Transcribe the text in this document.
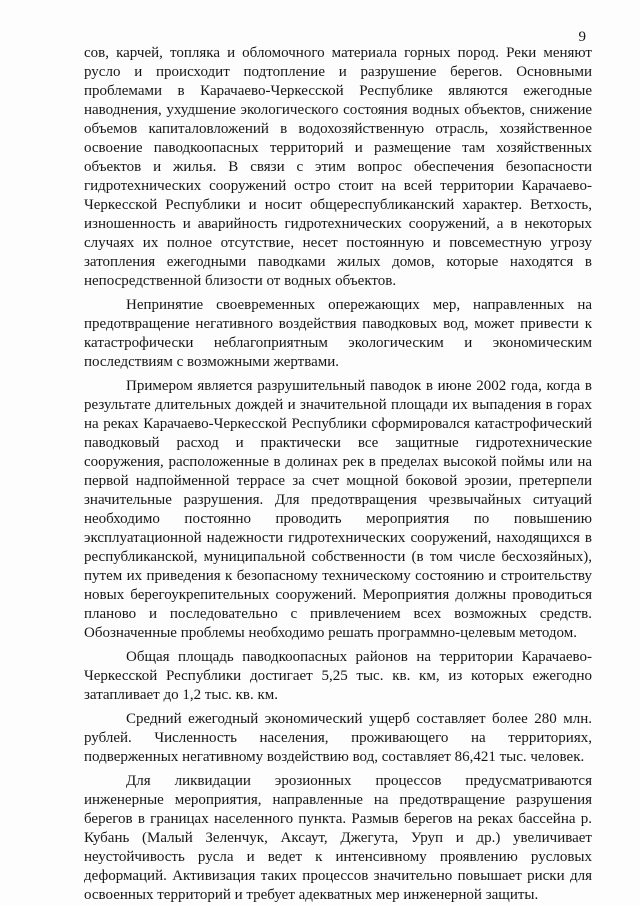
9

сов, карчей, топляка и обломочного материала горных пород. Реки меняют русло и происходит подтопление и разрушение берегов. Основными проблемами в Карачаево-Черкесской Республике являются ежегодные наводнения, ухудшение экологического состояния водных объектов, снижение объемов капиталовложений в водохозяйственную отрасль, хозяйственное освоение паводкоопасных территорий и размещение там хозяйственных объектов и жилья. В связи с этим вопрос обеспечения безопасности гидротехнических сооружений остро стоит на всей территории Карачаево-Черкесской Республики и носит общереспубликанский характер. Ветхость, изношенность и аварийность гидротехнических сооружений, а в некоторых случаях их полное отсутствие, несет постоянную и повсеместную угрозу затопления ежегодными паводками жилых домов, которые находятся в непосредственной близости от водных объектов.

Непринятие своевременных опережающих мер, направленных на предотвращение негативного воздействия паводковых вод, может привести к катастрофически неблагоприятным экологическим и экономическим последствиям с возможными жертвами.

Примером является разрушительный паводок в июне 2002 года, когда в результате длительных дождей и значительной площади их выпадения в горах на реках Карачаево-Черкесской Республики сформировался катастрофический паводковый расход и практически все защитные гидротехнические сооружения, расположенные в долинах рек в пределах высокой поймы или на первой надпойменной террасе за счет мощной боковой эрозии, претерпели значительные разрушения. Для предотвращения чрезвычайных ситуаций необходимо постоянно проводить мероприятия по повышению эксплуатационной надежности гидротехнических сооружений, находящихся в республиканской, муниципальной собственности (в том числе бесхозяйных), путем их приведения к безопасному техническому состоянию и строительству новых берегоукрепительных сооружений. Мероприятия должны проводиться планово и последовательно с привлечением всех возможных средств. Обозначенные проблемы необходимо решать программно-целевым методом.

Общая площадь паводкоопасных районов на территории Карачаево-Черкесской Республики достигает 5,25 тыс. кв. км, из которых ежегодно затапливает до 1,2 тыс. кв. км.

Средний ежегодный экономический ущерб составляет более 280 млн. рублей. Численность населения, проживающего на территориях, подверженных негативному воздействию вод, составляет 86,421 тыс. человек.

Для ликвидации эрозионных процессов предусматриваются инженерные мероприятия, направленные на предотвращение разрушения берегов в границах населенного пункта. Размыв берегов на реках бассейна р. Кубань (Малый Зеленчук, Аксаут, Джегута, Уруп и др.) увеличивает неустойчивость русла и ведет к интенсивному проявлению русловых деформаций. Активизация таких процессов значительно повышает риски для освоенных территорий и требует адекватных мер инженерной защиты.
